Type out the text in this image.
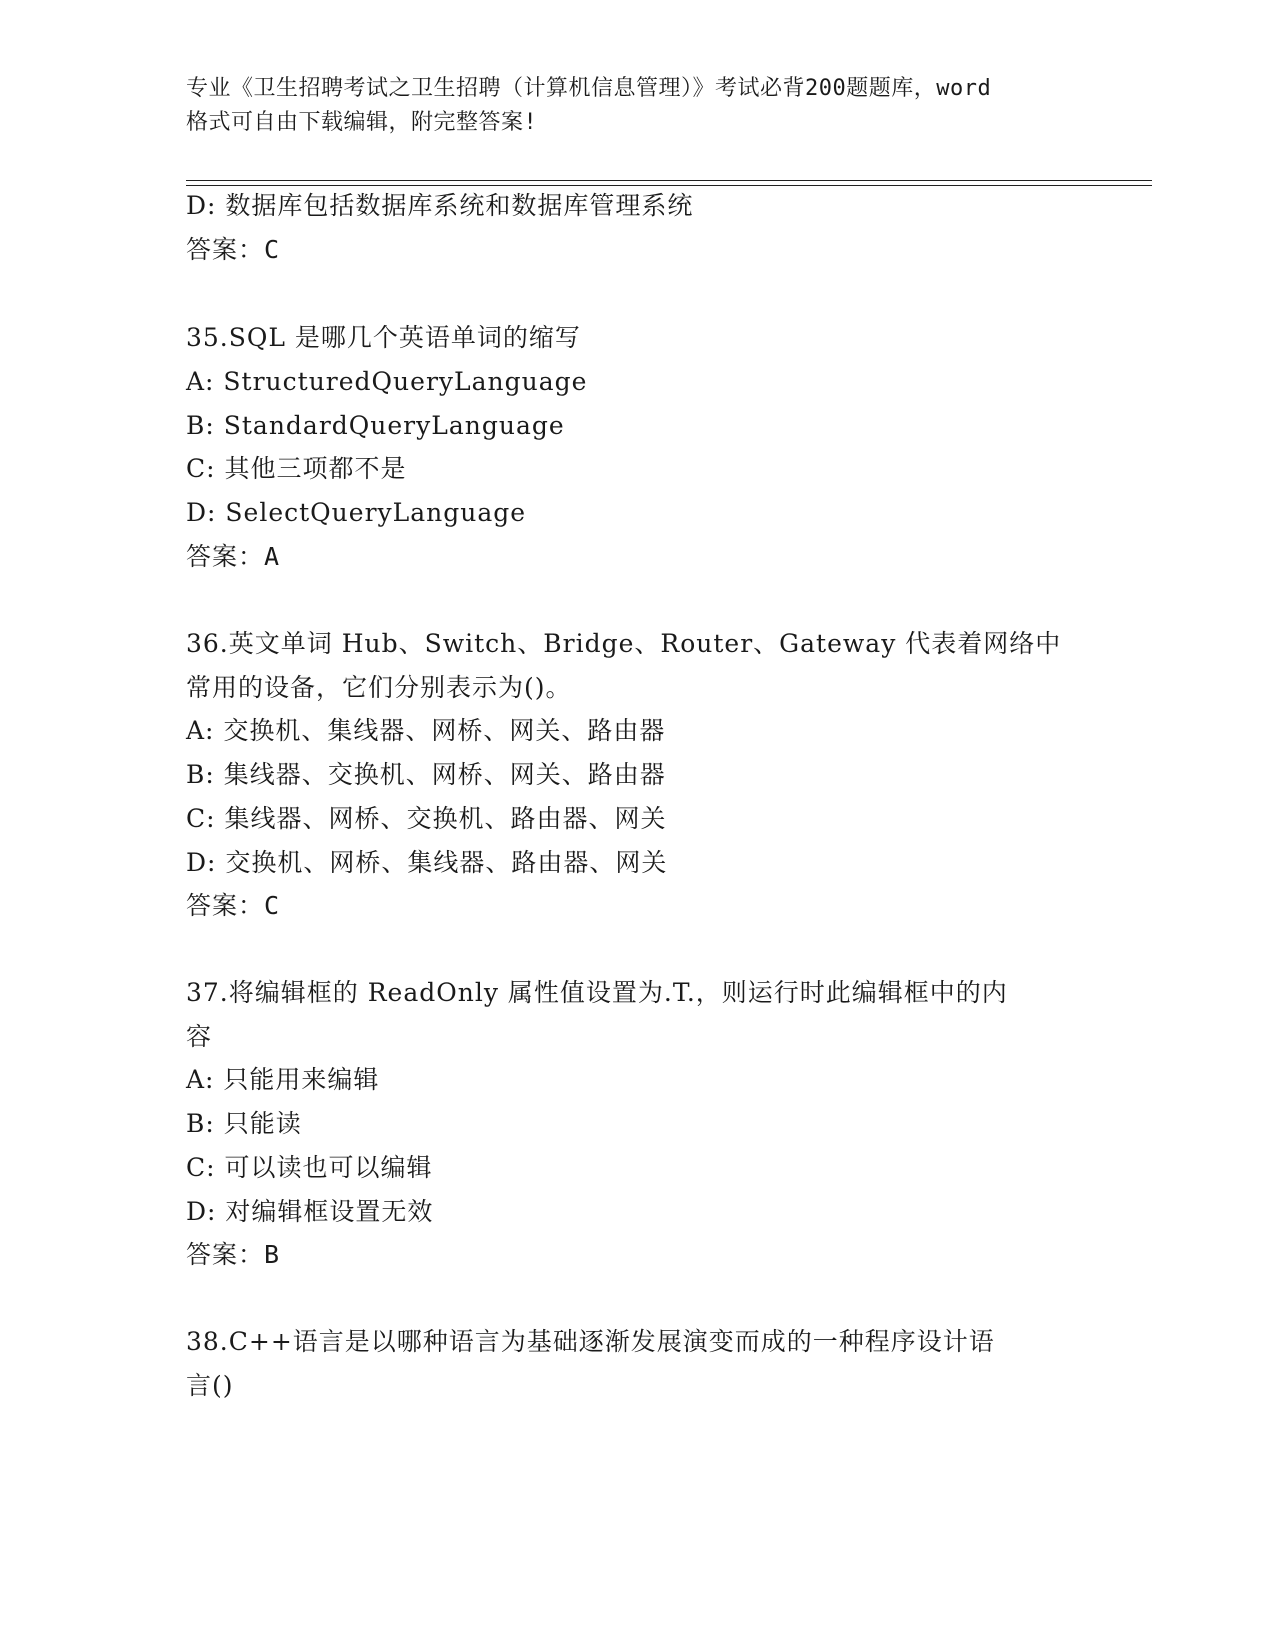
专业《卫生招聘考试之卫生招聘（计算机信息管理）》考试必背200题题库，word
格式可自由下载编辑，附完整答案!
D: 数据库包括数据库系统和数据库管理系统
答案：C
35.SQL 是哪几个英语单词的缩写
A: StructuredQueryLanguage
B: StandardQueryLanguage
C: 其他三项都不是
D: SelectQueryLanguage
答案：A
36.英文单词 Hub、Switch、Bridge、Router、Gateway 代表着网络中
常用的设备，它们分别表示为()。
A: 交换机、集线器、网桥、网关、路由器
B: 集线器、交换机、网桥、网关、路由器
C: 集线器、网桥、交换机、路由器、网关
D: 交换机、网桥、集线器、路由器、网关
答案：C
37.将编辑框的 ReadOnly 属性值设置为.T.，则运行时此编辑框中的内
容
A: 只能用来编辑
B: 只能读
C: 可以读也可以编辑
D: 对编辑框设置无效
答案：B
38.C++语言是以哪种语言为基础逐渐发展演变而成的一种程序设计语
言()
